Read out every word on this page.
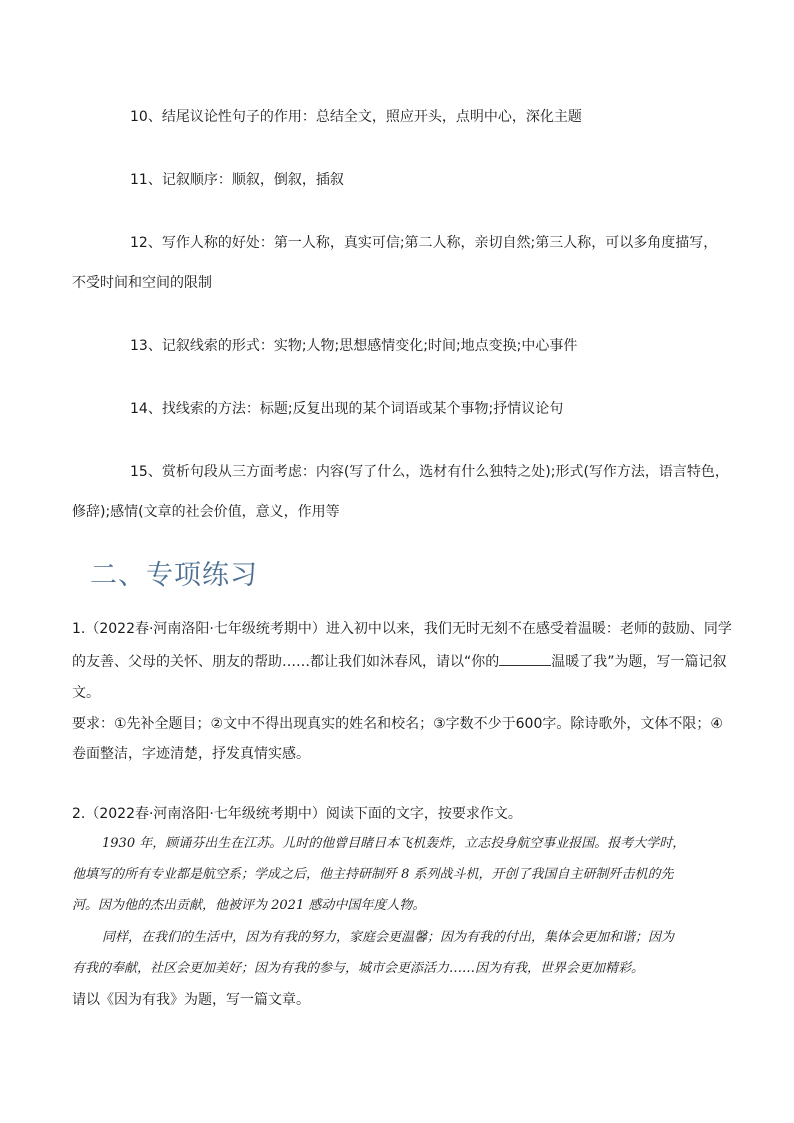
10、结尾议论性句子的作用：总结全文，照应开头，点明中心，深化主题
11、记叙顺序：顺叙，倒叙，插叙
12、写作人称的好处：第一人称，真实可信;第二人称，亲切自然;第三人称，可以多角度描写，
不受时间和空间的限制
13、记叙线索的形式：实物;人物;思想感情变化;时间;地点变换;中心事件
14、找线索的方法：标题;反复出现的某个词语或某个事物;抒情议论句
15、赏析句段从三方面考虑：内容(写了什么，选材有什么独特之处);形式(写作方法，语言特色，
修辞);感情(文章的社会价值，意义，作用等
二、专项练习
1.（2022春·河南洛阳·七年级统考期中）进入初中以来，我们无时无刻不在感受着温暖：老师的鼓励、同学
的友善、父母的关怀、朋友的帮助……都让我们如沐春风，请以“你的	温暖了我”为题，写一篇记叙
文。
要求：①先补全题目；②文中不得出现真实的姓名和校名；③字数不少于600字。除诗歌外，文体不限；④
卷面整洁，字迹清楚，抒发真情实感。
2.（2022春·河南洛阳·七年级统考期中）阅读下面的文字，按要求作文。
1930 年，顾诵芬出生在江苏。儿时的他曾目睹日本飞机轰炸，立志投身航空事业报国。报考大学时，
他填写的所有专业都是航空系；学成之后，他主持研制歼 8 系列战斗机，开创了我国自主研制歼击机的先
河。因为他的杰出贡献，他被评为 2021 感动中国年度人物。
同样，在我们的生活中，因为有我的努力，家庭会更温馨；因为有我的付出，集体会更加和谐；因为
有我的奉献，社区会更加美好；因为有我的参与，城市会更添活力……因为有我，世界会更加精彩。
请以《因为有我》为题，写一篇文章。
